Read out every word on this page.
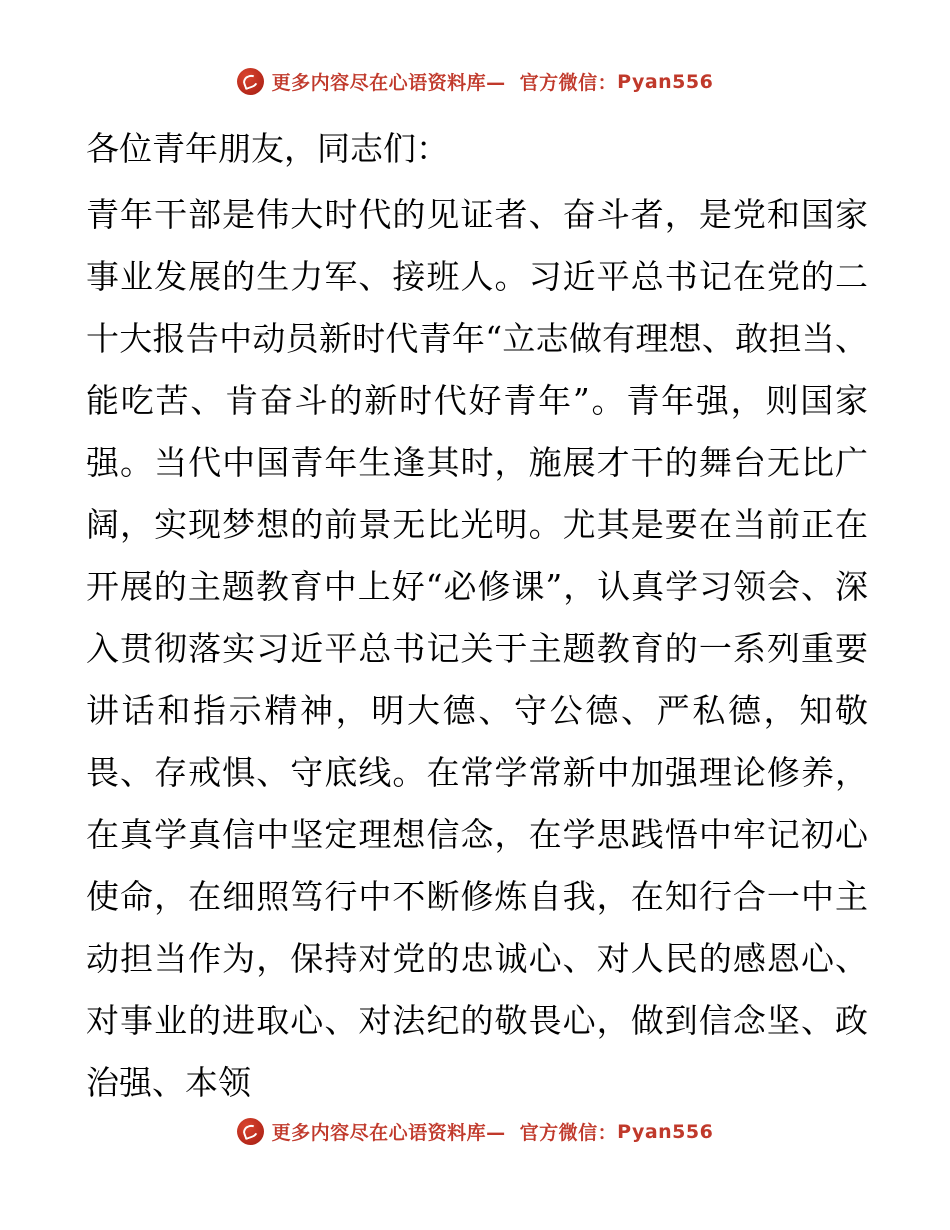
更多内容尽在心语资料库— 官方微信： Pyan556

各位青年朋友，同志们：

青年干部是伟大时代的见证者、奋斗者，是党和国家事业发展的生力军、接班人。习近平总书记在党的二十大报告中动员新时代青年“立志做有理想、敢担当、能吃苦、肯奋斗的新时代好青年”。青年强，则国家强。当代中国青年生逢其时，施展才干的舞台无比广阔，实现梦想的前景无比光明。尤其是要在当前正在开展的主题教育中上好“必修课”，认真学习领会、深入贯彻落实习近平总书记关于主题教育的一系列重要讲话和指示精神，明大德、守公德、严私德，知敬畏、存戒惧、守底线。在常学常新中加强理论修养，在真学真信中坚定理想信念，在学思践悟中牢记初心使命，在细照笃行中不断修炼自我，在知行合一中主动担当作为，保持对党的忠诚心、对人民的感恩心、对事业的进取心、对法纪的敬畏心，做到信念坚、政治强、本领

更多内容尽在心语资料库— 官方微信： Pyan556
